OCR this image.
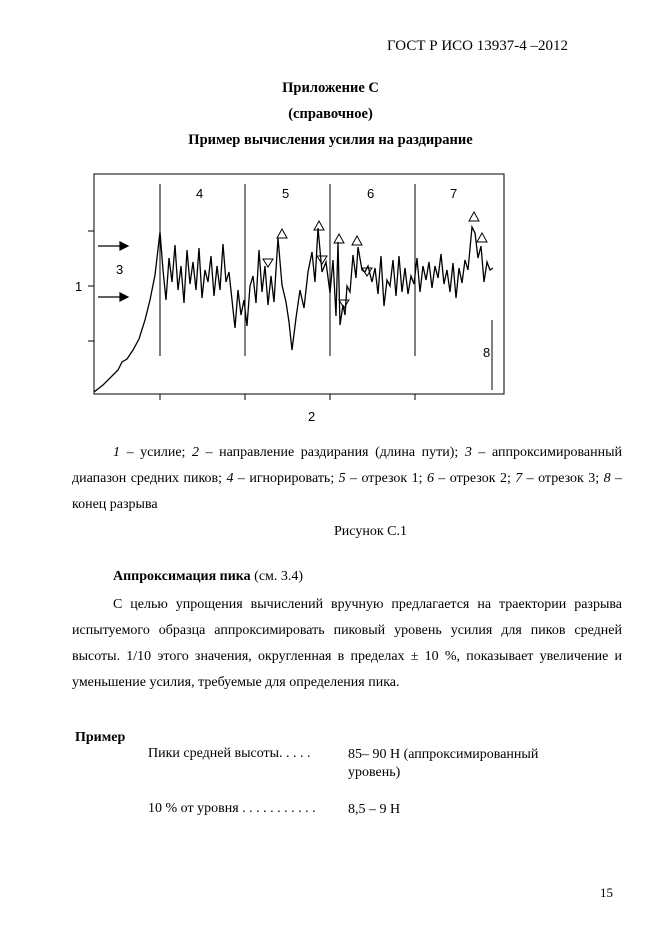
ГОСТ Р ИСО 13937-4 –2012
Приложение С
(справочное)
Пример вычисления усилия на раздирание
4	5	6	7
3
1
8
2
1 – усилие; 2 – направление раздирания (длина пути); 3 – аппроксимированный диапазон средних пиков; 4 – игнорировать; 5 – отрезок 1; 6 – отрезок 2; 7 – отрезок 3; 8 – конец разрыва
Рисунок С.1
Аппроксимация пика (см. 3.4)
С целью упрощения вычислений вручную предлагается на траектории разрыва испытуемого образца аппроксимировать пиковый уровень усилия для пиков средней высоты. 1/10 этого значения, округленная в пределах ± 10 %, показывает увеличение и уменьшение усилия, требуемые для определения пика.
Пример
Пики средней высоты. . . . .	85– 90 Н (аппроксимированный уровень)
10 % от уровня . . . . . . . . . . . 8,5 – 9 Н
15
